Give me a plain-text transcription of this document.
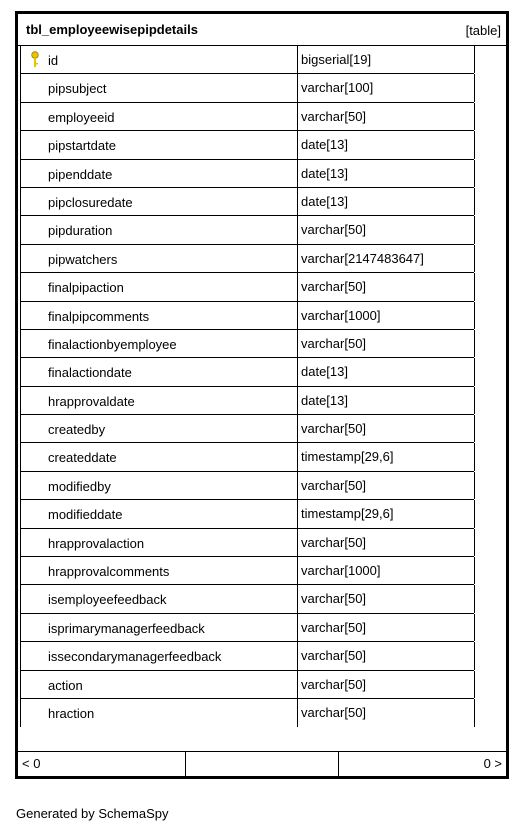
tbl_employeewisepipdetails	[table]
id	bigserial[19]
pipsubject	varchar[100]
employeeid	varchar[50]
pipstartdate	date[13]
pipenddate	date[13]
pipclosuredate	date[13]
pipduration	varchar[50]
pipwatchers	varchar[2147483647]
finalpipaction	varchar[50]
finalpipcomments	varchar[1000]
finalactionbyemployee	varchar[50]
finalactiondate	date[13]
hrapprovaldate	date[13]
createdby	varchar[50]
createddate	timestamp[29,6]
modifiedby	varchar[50]
modifieddate	timestamp[29,6]
hrapprovalaction	varchar[50]
hrapprovalcomments	varchar[1000]
isemployeefeedback	varchar[50]
isprimarymanagerfeedback	varchar[50]
issecondarymanagerfeedback	varchar[50]
action	varchar[50]
hraction	varchar[50]
< 0	0 >
Generated by SchemaSpy
